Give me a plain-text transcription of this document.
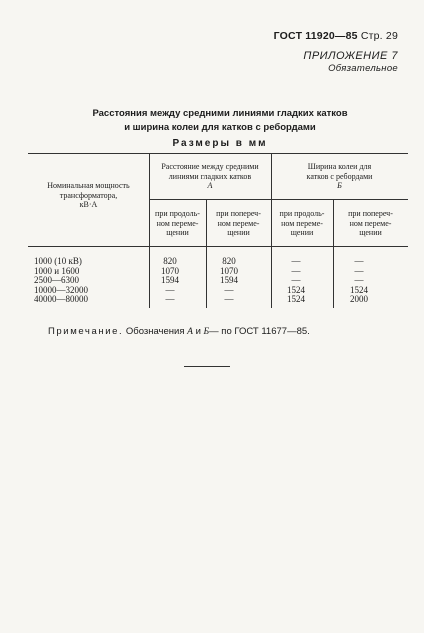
ГОСТ 11920—85 Стр. 29
ПРИЛОЖЕНИЕ 7
Обязательное
Расстояния между средними линиями гладких катков
и ширина колеи для катков с ребордами
Размеры в мм
Номинальная мощность
трансформатора,
кВ·А
Расстояние между средними
линиями гладких катков
А
Ширина колеи для
катков с ребордами
Б
при продоль-
ном переме-
щении
при попереч-
ном переме-
щении
при продоль-
ном переме-
щении
при попереч-
ном переме-
щении
1000 (10 кВ)
1000 и 1600
2500—6300
10000—32000
40000—80000
820
1070
1594
—
—
820
1070
1594
—
—
—
—
—
1524
1524
—
—
—
1524
2000
Примечание. Обозначения А и Б— по ГОСТ 11677—85.
